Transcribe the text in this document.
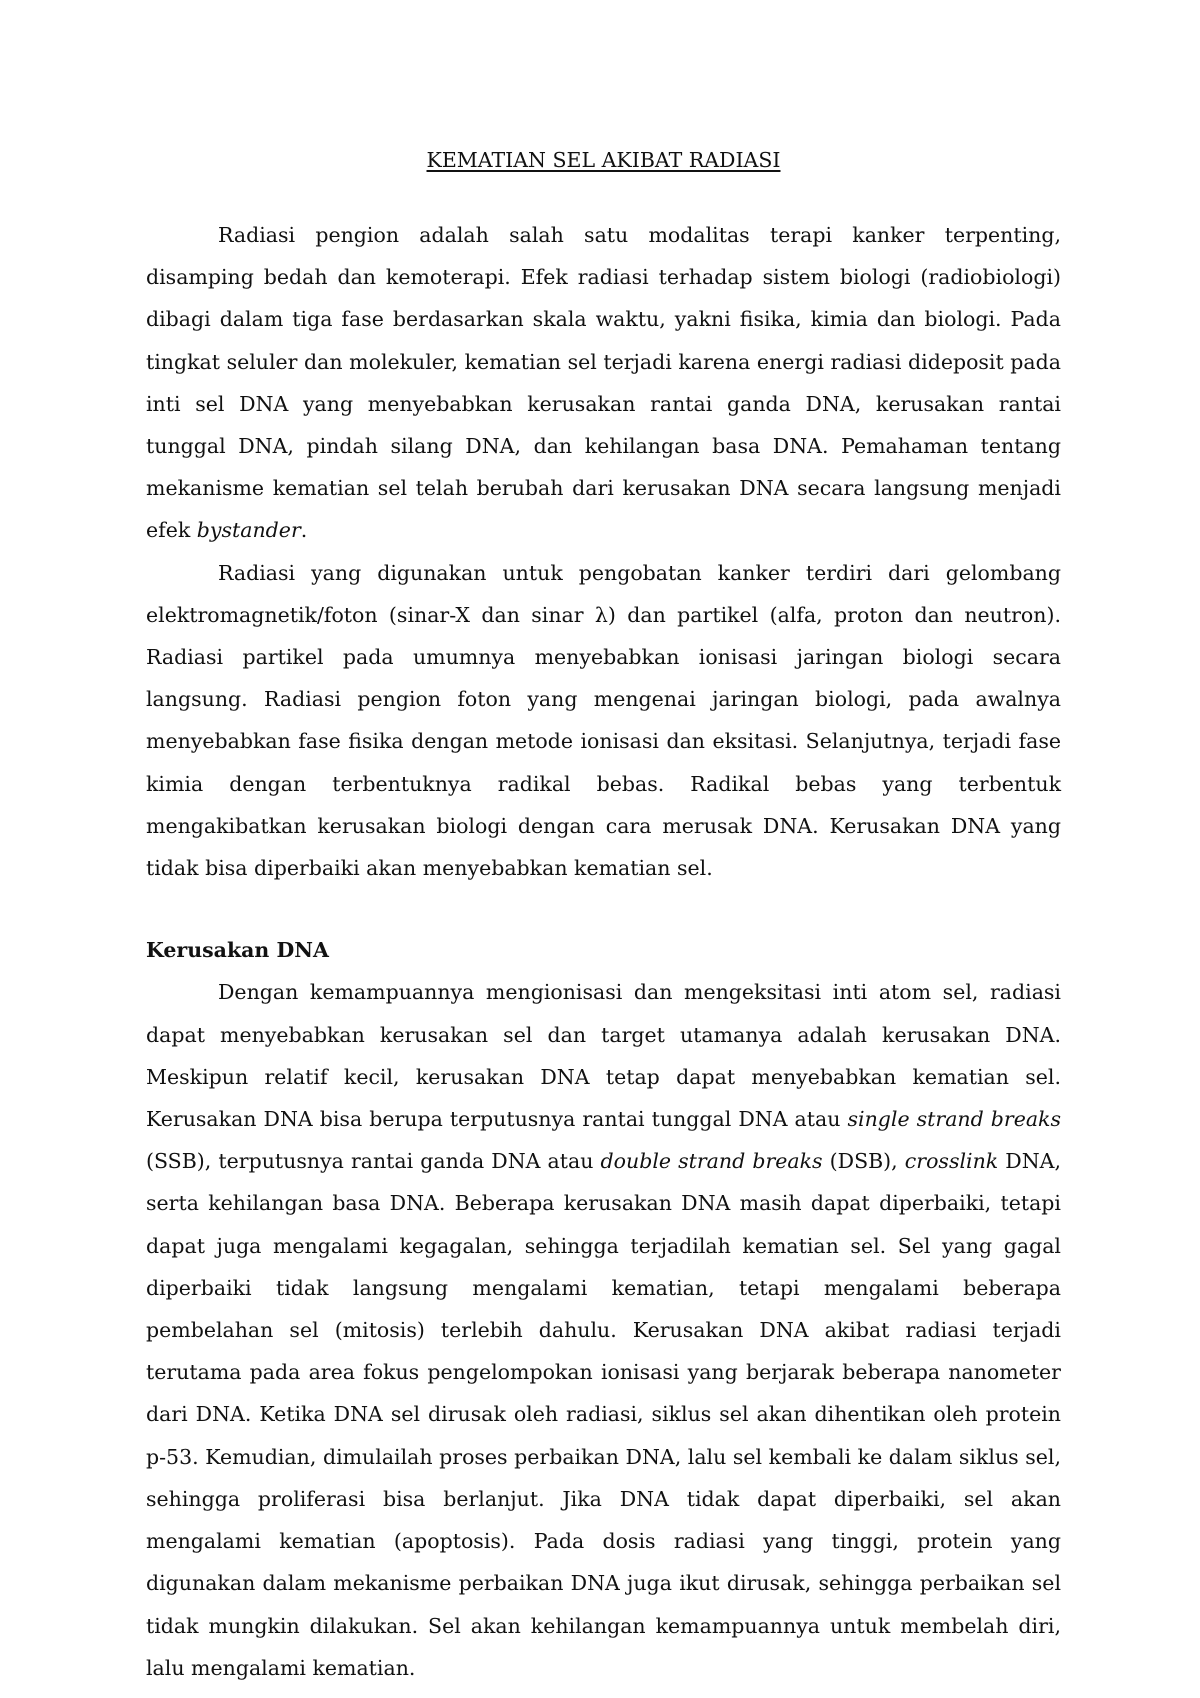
KEMATIAN SEL AKIBAT RADIASI

Radiasi pengion adalah salah satu modalitas terapi kanker terpenting, disamping bedah dan kemoterapi. Efek radiasi terhadap sistem biologi (radiobiologi) dibagi dalam tiga fase berdasarkan skala waktu, yakni fisika, kimia dan biologi. Pada tingkat seluler dan molekuler, kematian sel terjadi karena energi radiasi dideposit pada inti sel DNA yang menyebabkan kerusakan rantai ganda DNA, kerusakan rantai tunggal DNA, pindah silang DNA, dan kehilangan basa DNA. Pemahaman tentang mekanisme kematian sel telah berubah dari kerusakan DNA secara langsung menjadi efek bystander.

Radiasi yang digunakan untuk pengobatan kanker terdiri dari gelombang elektromagnetik/foton (sinar-X dan sinar λ) dan partikel (alfa, proton dan neutron). Radiasi partikel pada umumnya menyebabkan ionisasi jaringan biologi secara langsung. Radiasi pengion foton yang mengenai jaringan biologi, pada awalnya menyebabkan fase fisika dengan metode ionisasi dan eksitasi. Selanjutnya, terjadi fase kimia dengan terbentuknya radikal bebas. Radikal bebas yang terbentuk mengakibatkan kerusakan biologi dengan cara merusak DNA. Kerusakan DNA yang tidak bisa diperbaiki akan menyebabkan kematian sel.

Kerusakan DNA

Dengan kemampuannya mengionisasi dan mengeksitasi inti atom sel, radiasi dapat menyebabkan kerusakan sel dan target utamanya adalah kerusakan DNA. Meskipun relatif kecil, kerusakan DNA tetap dapat menyebabkan kematian sel. Kerusakan DNA bisa berupa terputusnya rantai tunggal DNA atau single strand breaks (SSB), terputusnya rantai ganda DNA atau double strand breaks (DSB), crosslink DNA, serta kehilangan basa DNA. Beberapa kerusakan DNA masih dapat diperbaiki, tetapi dapat juga mengalami kegagalan, sehingga terjadilah kematian sel. Sel yang gagal diperbaiki tidak langsung mengalami kematian, tetapi mengalami beberapa pembelahan sel (mitosis) terlebih dahulu. Kerusakan DNA akibat radiasi terjadi terutama pada area fokus pengelompokan ionisasi yang berjarak beberapa nanometer dari DNA. Ketika DNA sel dirusak oleh radiasi, siklus sel akan dihentikan oleh protein p-53. Kemudian, dimulailah proses perbaikan DNA, lalu sel kembali ke dalam siklus sel, sehingga proliferasi bisa berlanjut. Jika DNA tidak dapat diperbaiki, sel akan mengalami kematian (apoptosis). Pada dosis radiasi yang tinggi, protein yang digunakan dalam mekanisme perbaikan DNA juga ikut dirusak, sehingga perbaikan sel tidak mungkin dilakukan. Sel akan kehilangan kemampuannya untuk membelah diri, lalu mengalami kematian.
